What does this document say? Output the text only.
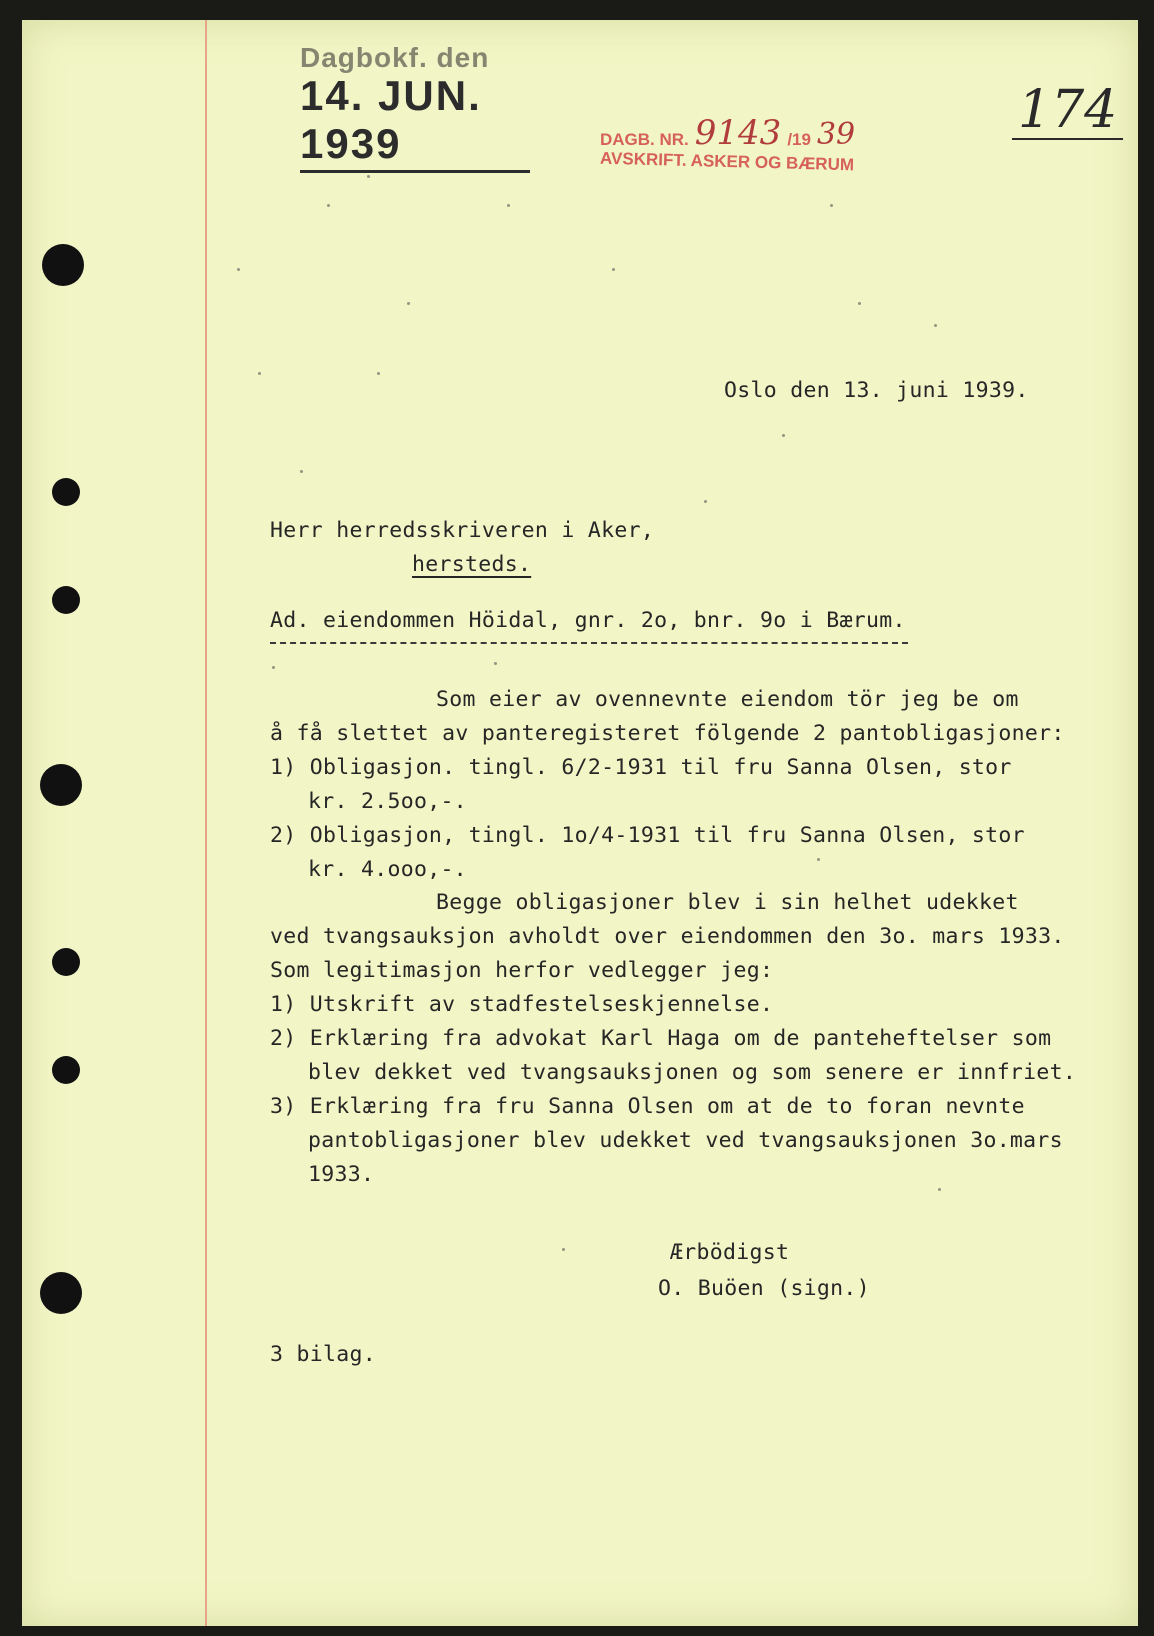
Dagbokf. den
14. JUN. 1939	DAGB. NR. 9143 /19 39
AVSKRIFT. ASKER OG BÆRUM
174
Oslo den 13. juni 1939.
Herr herredsskriveren i Aker,
hersteds.
Ad. eiendommen Höidal, gnr. 2o, bnr. 9o i Bærum.
Som eier av ovennevnte eiendom tör jeg be om
å få slettet av panteregisteret fölgende 2 pantobligasjoner:
1) Obligasjon. tingl. 6/2-1931 til fru Sanna Olsen, stor
kr. 2.5oo,-.
2) Obligasjon, tingl. 1o/4-1931 til fru Sanna Olsen, stor
kr. 4.ooo,-.
Begge obligasjoner blev i sin helhet udekket
ved tvangsauksjon avholdt over eiendommen den 3o. mars 1933.
Som legitimasjon herfor vedlegger jeg:
1) Utskrift av stadfestelseskjennelse.
2) Erklæring fra advokat Karl Haga om de panteheftelser som
blev dekket ved tvangsauksjonen og som senere er innfriet.
3) Erklæring fra fru Sanna Olsen om at de to foran nevnte
pantobligasjoner blev udekket ved tvangsauksjonen 3o.mars
1933.
Ærbödigst
O. Buöen (sign.)
3 bilag.
